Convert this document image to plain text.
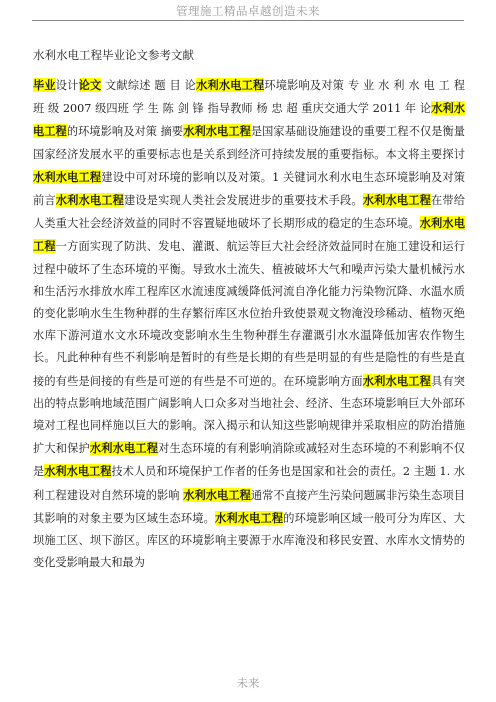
管理施工精品卓越创造未来
水利水电工程毕业论文参考文献

毕业设计论文 文献综述 题 目 论水利水电工程环境影响及对策 专 业 水 利 水 电 工 程 班 级 2007 级四班 学 生 陈 剑 锋 指导教师 杨 忠 超 重庆交通大学 2011 年 论水利水电工程的环境影响及对策 摘要水利水电工程是国家基础设施建设的重要工程不仅是衡量国家经济发展水平的重要标志也是关系到经济可持续发展的重要指标。本文将主要探讨水利水电工程建设中可对环境的影响以及对策。1 关键词水利水电生态环境影响及对策 前言水利水电工程建设是实现人类社会发展进步的重要技术手段。水利水电工程在带给人类重大社会经济效益的同时不容置疑地破坏了长期形成的稳定的生态环境。水利水电工程一方面实现了防洪、发电、灌溉、航运等巨大社会经济效益同时在施工建设和运行过程中破坏了生态环境的平衡。导致水土流失、植被破坏大气和噪声污染大量机械污水和生活污水排放水库工程库区水流速度减缓降低河流自净化能力污染物沉降、水温水质的变化影响水生生物种群的生存繁衍库区水位抬升致使景观文物淹没珍稀动、植物灭绝水库下游河道水文水环境改变影响水生生物种群生存灌溉引水水温降低加害农作物生长。凡此种种有些不利影响是暂时的有些是长期的有些是明显的有些是隐性的有些是直接的有些是间接的有些是可逆的有些是不可逆的。在环境影响方面水利水电工程具有突出的特点影响地域范围广阔影响人口众多对当地社会、经济、生态环境影响巨大外部环境对工程也同样施以巨大的影响。深入揭示和认知这些影响规律并采取相应的防治措施扩大和保护水利水电工程对生态环境的有利影响消除或减轻对生态环境的不利影响不仅是水利水电工程技术人员和环境保护工作者的任务也是国家和社会的责任。2 主题 1. 水利工程建设对自然环境的影响 水利水电工程通常不直接产生污染问题属非污染生态项目其影响的对象主要为区域生态环境。水利水电工程的环境影响区域一般可分为库区、大坝施工区、坝下游区。库区的环境影响主要源于水库淹没和移民安置、水库水文情势的变化受影响最大和最为

未来
